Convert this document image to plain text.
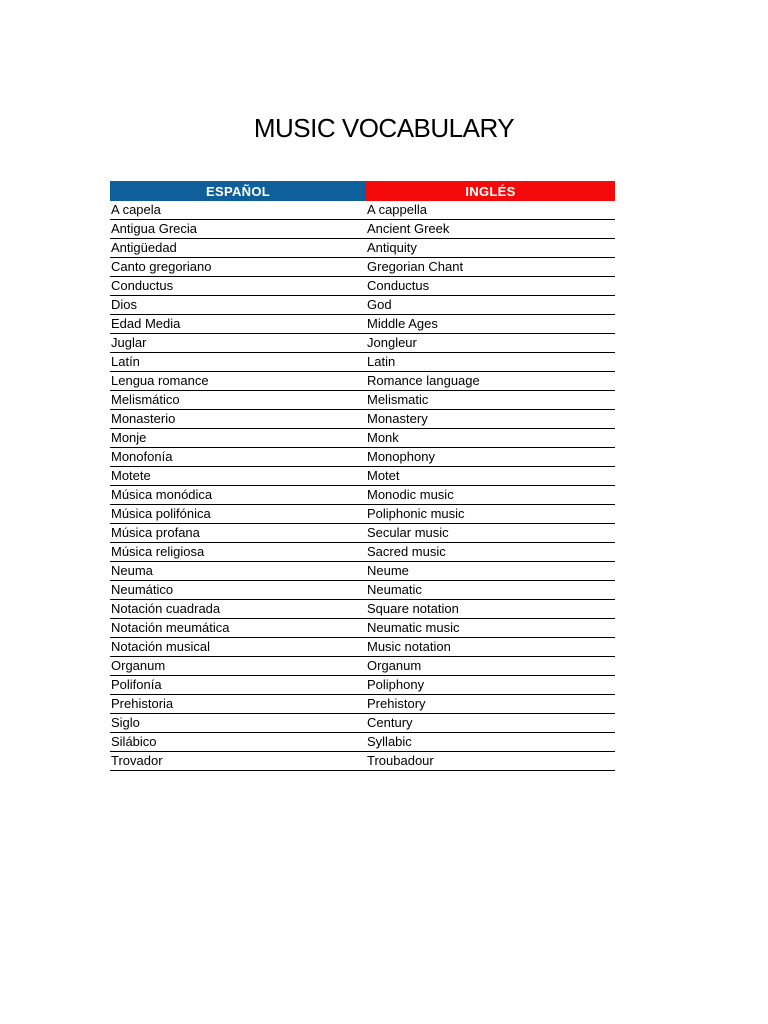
MUSIC VOCABULARY
ESPAÑOL	INGLÉS
A capela	A cappella
Antigua Grecia	Ancient Greek
Antigüedad	Antiquity
Canto gregoriano	Gregorian Chant
Conductus	Conductus
Dios	God
Edad Media	Middle Ages
Juglar	Jongleur
Latín	Latin
Lengua romance	Romance language
Melismático	Melismatic
Monasterio	Monastery
Monje	Monk
Monofonía	Monophony
Motete	Motet
Música monódica	Monodic music
Música polifónica	Poliphonic music
Música profana	Secular music
Música religiosa	Sacred music
Neuma	Neume
Neumático	Neumatic
Notación cuadrada	Square notation
Notación meumática	Neumatic music
Notación musical	Music notation
Organum	Organum
Polifonía	Poliphony
Prehistoria	Prehistory
Siglo	Century
Silábico	Syllabic
Trovador	Troubadour
